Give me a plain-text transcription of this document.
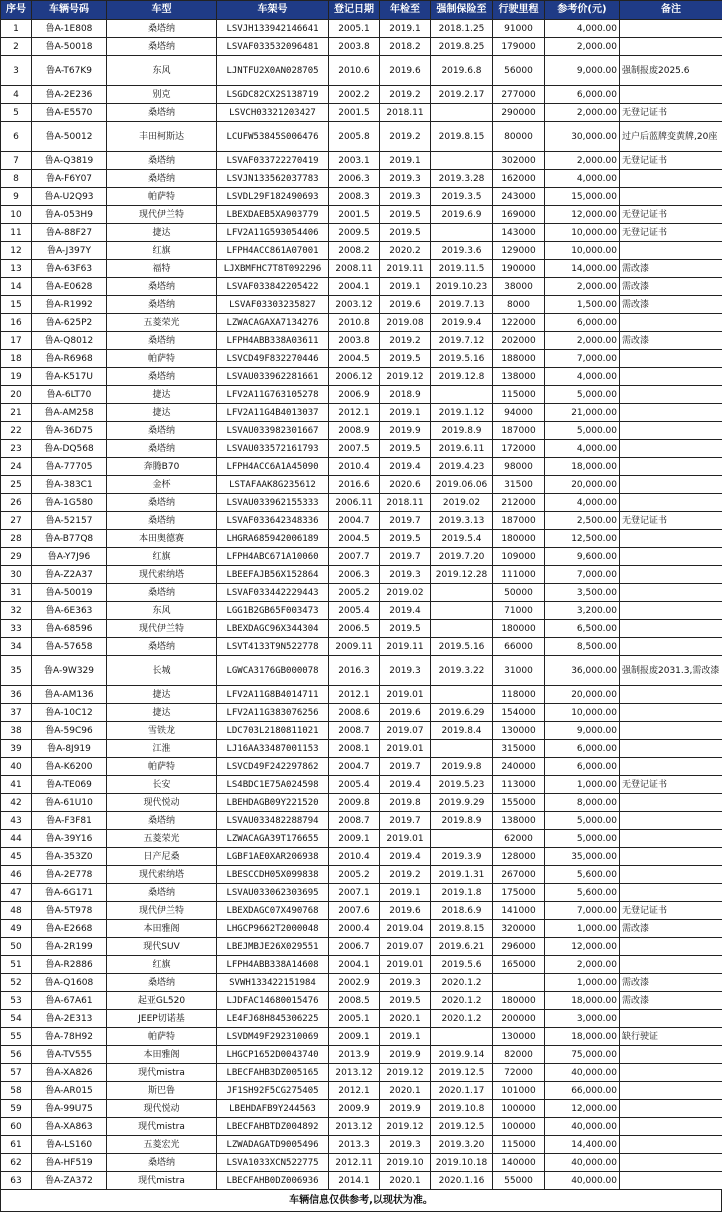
序号	车辆号码	车型	车架号	登记日期	年检至	强制保险至	行驶里程	参考价(元)	备注
1	鲁A-1E808	桑塔纳	LSVJH133942146641	2005.1	2019.1	2018.1.25	91000	4,000.00	
2	鲁A-50018	桑塔纳	LSVAF033532096481	2003.8	2018.2	2019.8.25	179000	2,000.00	
3	鲁A-T67K9	东风	LJNTFU2X0AN028705	2010.6	2019.6	2019.6.8	56000	9,000.00	强制报废2025.6
4	鲁A-2E236	别克	LSGDC82CX2S138719	2002.2	2019.2	2019.2.17	277000	6,000.00	
5	鲁A-E5570	桑塔纳	LSVCH03321203427	2001.5	2018.11		290000	2,000.00	无登记证书
6	鲁A-50012	丰田柯斯达	LCUFW53845S006476	2005.8	2019.2	2019.8.15	80000	30,000.00	过户后蓝牌变黄牌,20座
7	鲁A-Q3819	桑塔纳	LSVAF033722270419	2003.1	2019.1		302000	2,000.00	无登记证书
8	鲁A-F6Y07	桑塔纳	LSVJN133562037783	2006.3	2019.3	2019.3.28	162000	4,000.00	
9	鲁A-U2Q93	帕萨特	LSVDL29F182490693	2008.3	2019.3	2019.3.5	243000	15,000.00	
10	鲁A-053H9	现代伊兰特	LBEXDAEB5XA903779	2001.5	2019.5	2019.6.9	169000	12,000.00	无登记证书
11	鲁A-88F27	捷达	LFV2A11G593054406	2009.5	2019.5		143000	10,000.00	无登记证书
12	鲁A-J397Y	红旗	LFPH4ACC861A07001	2008.2	2020.2	2019.3.6	129000	10,000.00	
13	鲁A-63F63	福特	LJXBMFHC7T8T092296	2008.11	2019.11	2019.11.5	190000	14,000.00	需改漆
14	鲁A-E0628	桑塔纳	LSVAF033842205422	2004.1	2019.1	2019.10.23	38000	2,000.00	需改漆
15	鲁A-R1992	桑塔纳	LSVAF03303235827	2003.12	2019.6	2019.7.13	8000	1,500.00	需改漆
16	鲁A-625P2	五菱荣光	LZWACAGAXA7134276	2010.8	2019.08	2019.9.4	122000	6,000.00	
17	鲁A-Q8012	桑塔纳	LFPH4ABB338A03611	2003.8	2019.2	2019.7.12	202000	2,000.00	需改漆
18	鲁A-R6968	帕萨特	LSVCD49F832270446	2004.5	2019.5	2019.5.16	188000	7,000.00	
19	鲁A-K517U	桑塔纳	LSVAU033962281661	2006.12	2019.12	2019.12.8	138000	4,000.00	
20	鲁A-6LT70	捷达	LFV2A11G763105278	2006.9	2018.9		115000	5,000.00	
21	鲁A-AM258	捷达	LFV2A11G4B4013037	2012.1	2019.1	2019.1.12	94000	21,000.00	
22	鲁A-36D75	桑塔纳	LSVAU033982301667	2008.9	2019.9	2019.8.9	187000	5,000.00	
23	鲁A-DQ568	桑塔纳	LSVAU033572161793	2007.5	2019.5	2019.6.11	172000	4,000.00	
24	鲁A-77705	奔腾B70	LFPH4ACC6A1A45090	2010.4	2019.4	2019.4.23	98000	18,000.00	
25	鲁A-383C1	金杯	LSTAFAAK8G235612	2016.6	2020.6	2019.06.06	31500	20,000.00	
26	鲁A-1G580	桑塔纳	LSVAU033962155333	2006.11	2018.11	2019.02	212000	4,000.00	
27	鲁A-52157	桑塔纳	LSVAF033642348336	2004.7	2019.7	2019.3.13	187000	2,500.00	无登记证书
28	鲁A-B77Q8	本田奥德赛	LHGRA685942006189	2004.5	2019.5	2019.5.4	180000	12,500.00	
29	鲁A-Y7J96	红旗	LFPH4ABC671A10060	2007.7	2019.7	2019.7.20	109000	9,600.00	
30	鲁A-Z2A37	现代索纳塔	LBEEFAJB56X152864	2006.3	2019.3	2019.12.28	111000	7,000.00	
31	鲁A-50019	桑塔纳	LSVAF033442229443	2005.2	2019.02		50000	3,500.00	
32	鲁A-6E363	东风	LGG1B2GB65F003473	2005.4	2019.4		71000	3,200.00	
33	鲁A-68596	现代伊兰特	LBEXDAGC96X344304	2006.5	2019.5		180000	6,500.00	
34	鲁A-57658	桑塔纳	LSVT4133T9N522778	2009.11	2019.11	2019.5.16	66000	8,500.00	
35	鲁A-9W329	长城	LGWCA3176GB000078	2016.3	2019.3	2019.3.22	31000	36,000.00	强制报废2031.3,需改漆
36	鲁A-AM136	捷达	LFV2A11G8B4014711	2012.1	2019.01		118000	20,000.00	
37	鲁A-10C12	捷达	LFV2A11G383076256	2008.6	2019.6	2019.6.29	154000	10,000.00	
38	鲁A-59C96	雪铁龙	LDC703L2180811021	2008.7	2019.07	2019.8.4	130000	9,000.00	
39	鲁A-8J919	江淮	LJ16AA33487001153	2008.1	2019.01		315000	6,000.00	
40	鲁A-K6200	帕萨特	LSVCD49F242297862	2004.7	2019.7	2019.9.8	240000	6,000.00	
41	鲁A-TE069	长安	LS4BDC1E75A024598	2005.4	2019.4	2019.5.23	113000	1,000.00	无登记证书
42	鲁A-61U10	现代悦动	LBEHDAGB09Y221520	2009.8	2019.8	2019.9.29	155000	8,000.00	
43	鲁A-F3F81	桑塔纳	LSVAU033482288794	2008.7	2019.7	2019.8.9	138000	5,000.00	
44	鲁A-39Y16	五菱荣光	LZWACAGA39T176655	2009.1	2019.01		62000	5,000.00	
45	鲁A-353Z0	日产尼桑	LGBF1AE0XAR206938	2010.4	2019.4	2019.3.9	128000	35,000.00	
46	鲁A-2E778	现代索纳塔	LBESCCDH05X099838	2005.2	2019.2	2019.1.31	267000	5,600.00	
47	鲁A-6G171	桑塔纳	LSVAU033062303695	2007.1	2019.1	2019.1.8	175000	5,600.00	
48	鲁A-5T978	现代伊兰特	LBEXDAGC07X490768	2007.6	2019.6	2018.6.9	141000	7,000.00	无登记证书
49	鲁A-E2668	本田雅阁	LHGCP9662T2000048	2000.4	2019.04	2019.8.15	320000	1,000.00	需改漆
50	鲁A-2R199	现代SUV	LBEJMBJE26X029551	2006.7	2019.07	2019.6.21	296000	12,000.00	
51	鲁A-R2886	红旗	LFPH4ABB338A14608	2004.1	2019.01	2019.5.6	165000	2,000.00	
52	鲁A-Q1608	桑塔纳	SVWH133422151984	2002.9	2019.3	2020.1.2		1,000.00	需改漆
53	鲁A-67A61	起亚GL520	LJDFAC14680015476	2008.5	2019.5	2020.1.2	180000	18,000.00	需改漆
54	鲁A-2E313	JEEP切诺基	LE4FJ68H845306225	2005.1	2020.1	2020.1.2	200000	3,000.00	
55	鲁A-78H92	帕萨特	LSVDM49F292310069	2009.1	2019.1		130000	18,000.00	缺行驶证
56	鲁A-TV555	本田雅阁	LHGCP1652D0043740	2013.9	2019.9	2019.9.14	82000	75,000.00	
57	鲁A-XA826	现代mistra	LBECFAHB3DZ005165	2013.12	2019.12	2019.12.5	72000	40,000.00	
58	鲁A-AR015	斯巴鲁	JF1SH92F5CG275405	2012.1	2020.1	2020.1.17	101000	66,000.00	
59	鲁A-99U75	现代悦动	LBEHDAFB9Y244563	2009.9	2019.9	2019.10.8	100000	12,000.00	
60	鲁A-XA863	现代mistra	LBECFAHBTDZ004892	2013.12	2019.12	2019.12.5	100000	40,000.00	
61	鲁A-LS160	五菱宏光	LZWADAGATD9005496	2013.3	2019.3	2019.3.20	115000	14,400.00	
62	鲁A-HF519	桑塔纳	LSVA1033XCN522775	2012.11	2019.10	2019.10.18	140000	40,000.00	
63	鲁A-ZA372	现代mistra	LBECFAHB0DZ006936	2014.1	2020.1	2020.1.16	55000	40,000.00	
车辆信息仅供参考,以现状为准。
